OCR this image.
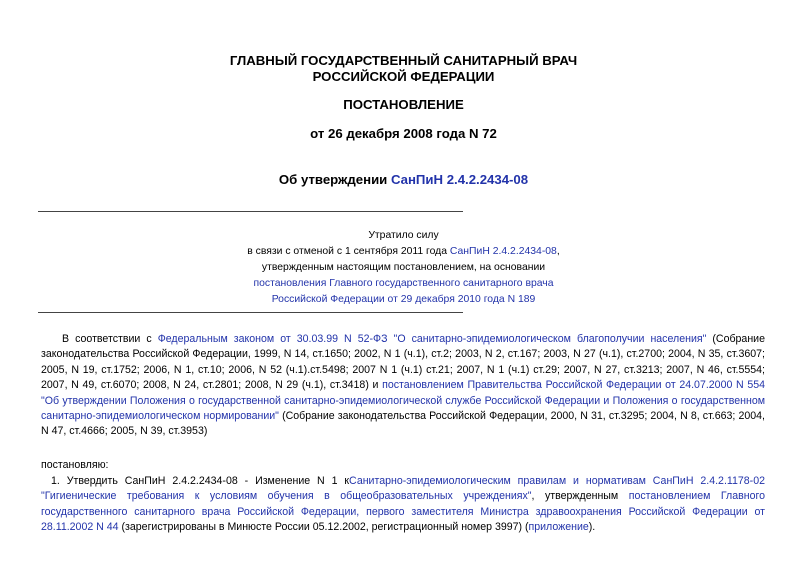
ГЛАВНЫЙ ГОСУДАРСТВЕННЫЙ САНИТАРНЫЙ ВРАЧ
РОССИЙСКОЙ ФЕДЕРАЦИИ
ПОСТАНОВЛЕНИЕ
от 26 декабря 2008 года N 72
Об утверждении СанПиН 2.4.2.2434-08
Утратило силу
в связи с отменой с 1 сентября 2011 года СанПиН 2.4.2.2434-08,
утвержденным настоящим постановлением, на основании
постановления Главного государственного санитарного врача
Российской Федерации от 29 декабря 2010 года N 189
В соответствии с Федеральным законом от 30.03.99 N 52-ФЗ "О санитарно-эпидемиологическом благополучии населения" (Собрание законодательства Российской Федерации, 1999, N 14, ст.1650; 2002, N 1 (ч.1), ст.2; 2003, N 2, ст.167; 2003, N 27 (ч.1), ст.2700; 2004, N 35, ст.3607; 2005, N 19, ст.1752; 2006, N 1, ст.10; 2006, N 52 (ч.1).ст.5498; 2007 N 1 (ч.1) ст.21; 2007, N 1 (ч.1) ст.29; 2007, N 27, ст.3213; 2007, N 46, ст.5554; 2007, N 49, ст.6070; 2008, N 24, ст.2801; 2008, N 29 (ч.1), ст.3418) и постановлением Правительства Российской Федерации от 24.07.2000 N 554 "Об утверждении Положения о государственной санитарно-эпидемиологической службе Российской Федерации и Положения о государственном санитарно-эпидемиологическом нормировании" (Собрание законодательства Российской Федерации, 2000, N 31, ст.3295; 2004, N 8, ст.663; 2004, N 47, ст.4666; 2005, N 39, ст.3953)
постановляю:
1. Утвердить СанПиН 2.4.2.2434-08 - Изменение N 1 кСанитарно-эпидемиологическим правилам и нормативам СанПиН 2.4.2.1178-02 "Гигиенические требования к условиям обучения в общеобразовательных учреждениях", утвержденным постановлением Главного государственного санитарного врача Российской Федерации, первого заместителя Министра здравоохранения Российской Федерации от 28.11.2002 N 44 (зарегистрированы в Минюсте России 05.12.2002, регистрационный номер 3997) (приложение).
